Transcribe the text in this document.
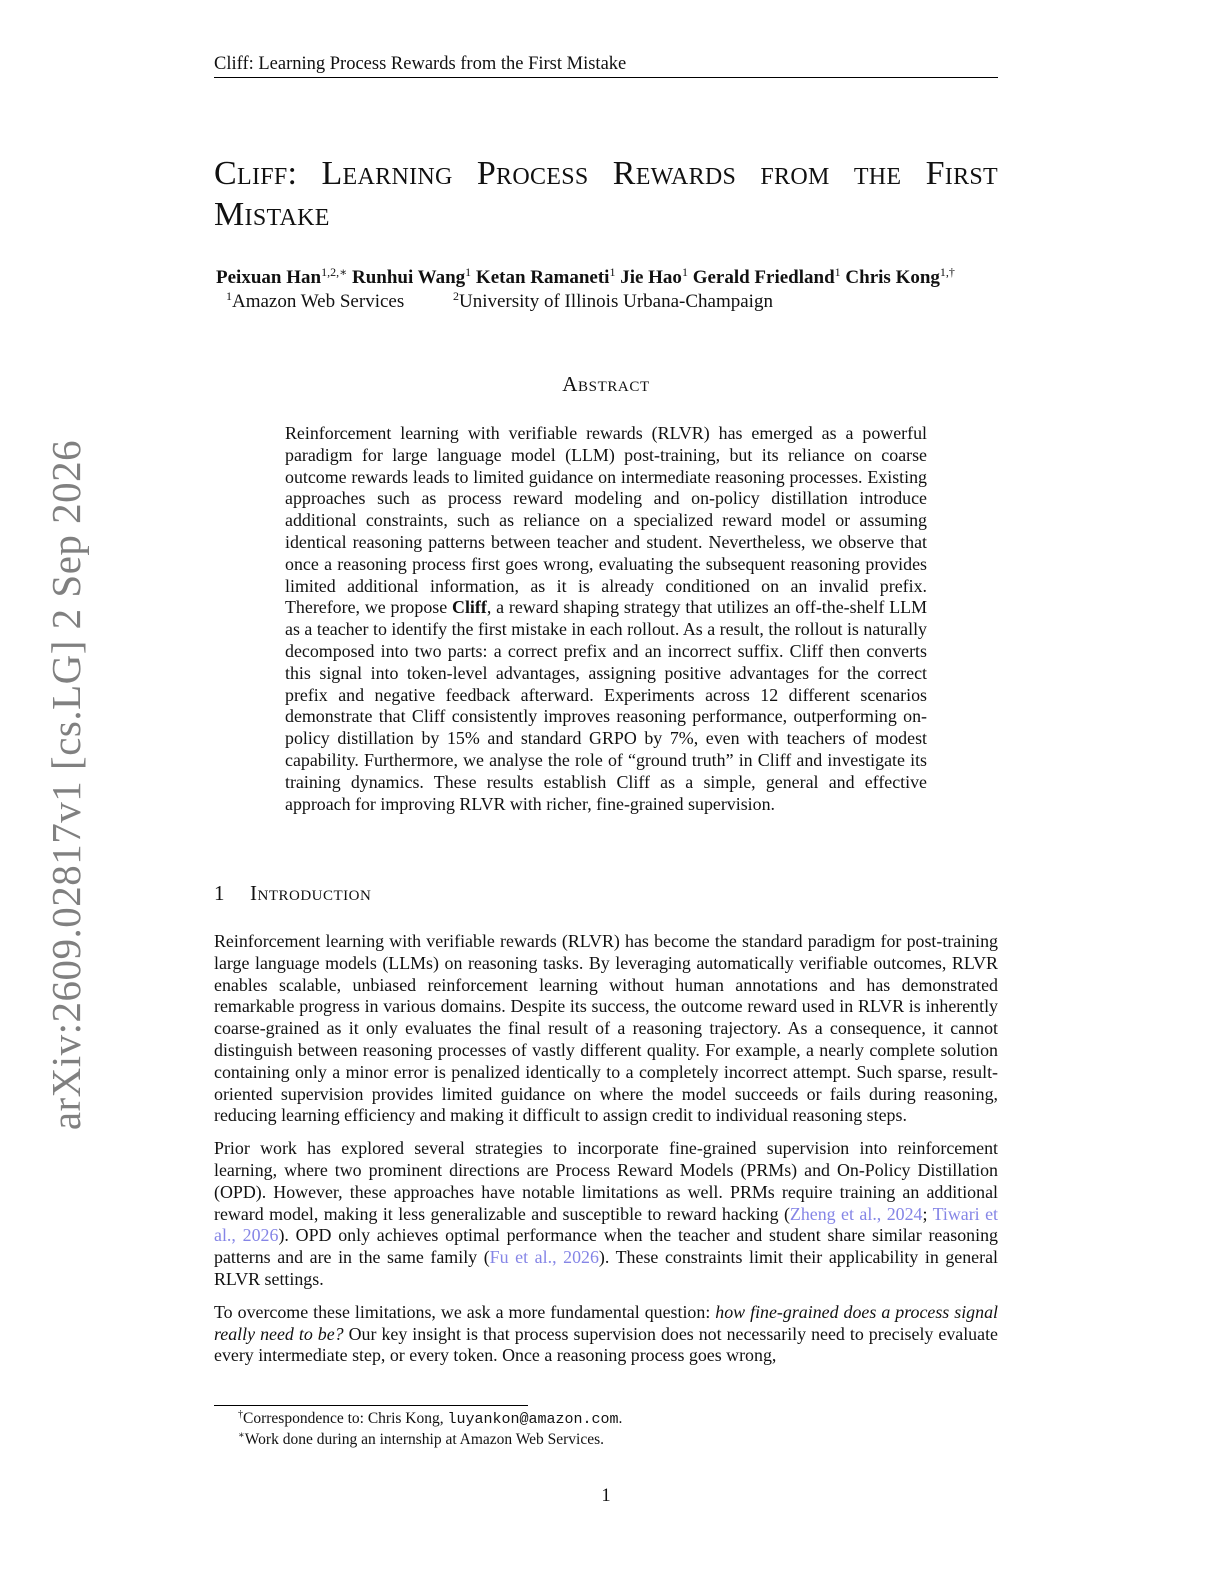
Cliff: Learning Process Rewards from the First Mistake
arXiv:2609.02817v1 [cs.LG] 2 Sep 2026
Cliff: Learning Process Rewards from the First Mistake
Peixuan Han$^{1,2,∗}$ Runhui Wang$^1$ Ketan Ramaneti$^1$ Jie Hao$^1$ Gerald Friedland$^1$ Chris Kong$^{1,\dagger}$
$^1$Amazon Web Services	$^2$University of Illinois Urbana-Champaign
Abstract

Reinforcement learning with verifiable rewards (RLVR) has emerged as a powerful paradigm for large language model (LLM) post-training, but its reliance on coarse outcome rewards leads to limited guidance on intermediate reasoning processes. Existing approaches such as process reward modeling and on-policy distillation introduce additional constraints, such as reliance on a specialized reward model or assuming identical reasoning patterns between teacher and student. Nevertheless, we observe that once a reasoning process first goes wrong, evaluating the subsequent reasoning provides limited additional information, as it is already conditioned on an invalid prefix. Therefore, we propose Cliff, a reward shaping strategy that utilizes an off-the-shelf LLM as a teacher to identify the first mistake in each rollout. As a result, the rollout is naturally decomposed into two parts: a correct prefix and an incorrect suffix. Cliff then converts this signal into token-level advantages, assigning positive advantages for the correct prefix and negative feedback afterward. Experiments across 12 different scenarios demonstrate that Cliff consistently improves reasoning performance, outperforming on-policy distillation by 15% and standard GRPO by 7%, even with teachers of modest capability. Furthermore, we analyse the role of “ground truth” in Cliff and investigate its training dynamics. These results establish Cliff as a simple, general and effective approach for improving RLVR with richer, fine-grained supervision.

1 Introduction

Reinforcement learning with verifiable rewards (RLVR) has become the standard paradigm for post-training large language models (LLMs) on reasoning tasks. By leveraging automatically verifiable outcomes, RLVR enables scalable, unbiased reinforcement learning without human annotations and has demonstrated remarkable progress in various domains. Despite its success, the outcome reward used in RLVR is inherently coarse-grained as it only evaluates the final result of a reasoning trajectory. As a consequence, it cannot distinguish between reasoning processes of vastly different quality. For example, a nearly complete solution containing only a minor error is penalized identically to a completely incorrect attempt. Such sparse, result-oriented supervision provides limited guidance on where the model succeeds or fails during reasoning, reducing learning efficiency and making it difficult to assign credit to individual reasoning steps.

Prior work has explored several strategies to incorporate fine-grained supervision into reinforcement learning, where two prominent directions are Process Reward Models (PRMs) and On-Policy Distillation (OPD). However, these approaches have notable limitations as well. PRMs require training an additional reward model, making it less generalizable and susceptible to reward hacking (Zheng et al., 2024; Tiwari et al., 2026). OPD only achieves optimal performance when the teacher and student share similar reasoning patterns and are in the same family (Fu et al., 2026). These constraints limit their applicability in general RLVR settings.

To overcome these limitations, we ask a more fundamental question: how fine-grained does a process signal really need to be? Our key insight is that process supervision does not necessarily need to precisely evaluate every intermediate step, or every token. Once a reasoning process goes wrong,

†Correspondence to: Chris Kong, luyankon@amazon.com.
∗Work done during an internship at Amazon Web Services.
1
